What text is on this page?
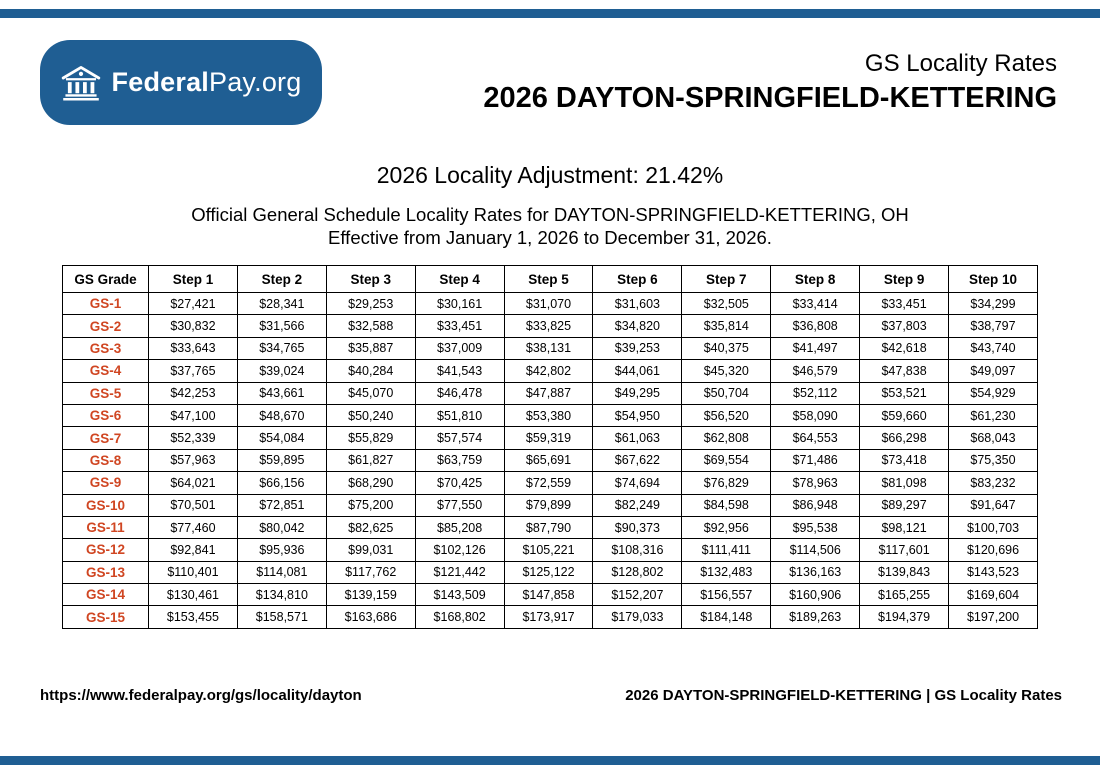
FederalPay.org
GS Locality Rates
2026 DAYTON-SPRINGFIELD-KETTERING
2026 Locality Adjustment: 21.42%
Official General Schedule Locality Rates for DAYTON-SPRINGFIELD-KETTERING, OH
Effective from January 1, 2026 to December 31, 2026.
GS Grade	Step 1	Step 2	Step 3	Step 4	Step 5	Step 6	Step 7	Step 8	Step 9	Step 10
GS-1	$27,421	$28,341	$29,253	$30,161	$31,070	$31,603	$32,505	$33,414	$33,451	$34,299
GS-2	$30,832	$31,566	$32,588	$33,451	$33,825	$34,820	$35,814	$36,808	$37,803	$38,797
GS-3	$33,643	$34,765	$35,887	$37,009	$38,131	$39,253	$40,375	$41,497	$42,618	$43,740
GS-4	$37,765	$39,024	$40,284	$41,543	$42,802	$44,061	$45,320	$46,579	$47,838	$49,097
GS-5	$42,253	$43,661	$45,070	$46,478	$47,887	$49,295	$50,704	$52,112	$53,521	$54,929
GS-6	$47,100	$48,670	$50,240	$51,810	$53,380	$54,950	$56,520	$58,090	$59,660	$61,230
GS-7	$52,339	$54,084	$55,829	$57,574	$59,319	$61,063	$62,808	$64,553	$66,298	$68,043
GS-8	$57,963	$59,895	$61,827	$63,759	$65,691	$67,622	$69,554	$71,486	$73,418	$75,350
GS-9	$64,021	$66,156	$68,290	$70,425	$72,559	$74,694	$76,829	$78,963	$81,098	$83,232
GS-10	$70,501	$72,851	$75,200	$77,550	$79,899	$82,249	$84,598	$86,948	$89,297	$91,647
GS-11	$77,460	$80,042	$82,625	$85,208	$87,790	$90,373	$92,956	$95,538	$98,121	$100,703
GS-12	$92,841	$95,936	$99,031	$102,126	$105,221	$108,316	$111,411	$114,506	$117,601	$120,696
GS-13	$110,401	$114,081	$117,762	$121,442	$125,122	$128,802	$132,483	$136,163	$139,843	$143,523
GS-14	$130,461	$134,810	$139,159	$143,509	$147,858	$152,207	$156,557	$160,906	$165,255	$169,604
GS-15	$153,455	$158,571	$163,686	$168,802	$173,917	$179,033	$184,148	$189,263	$194,379	$197,200
https://www.federalpay.org/gs/locality/dayton	2026 DAYTON-SPRINGFIELD-KETTERING | GS Locality Rates
